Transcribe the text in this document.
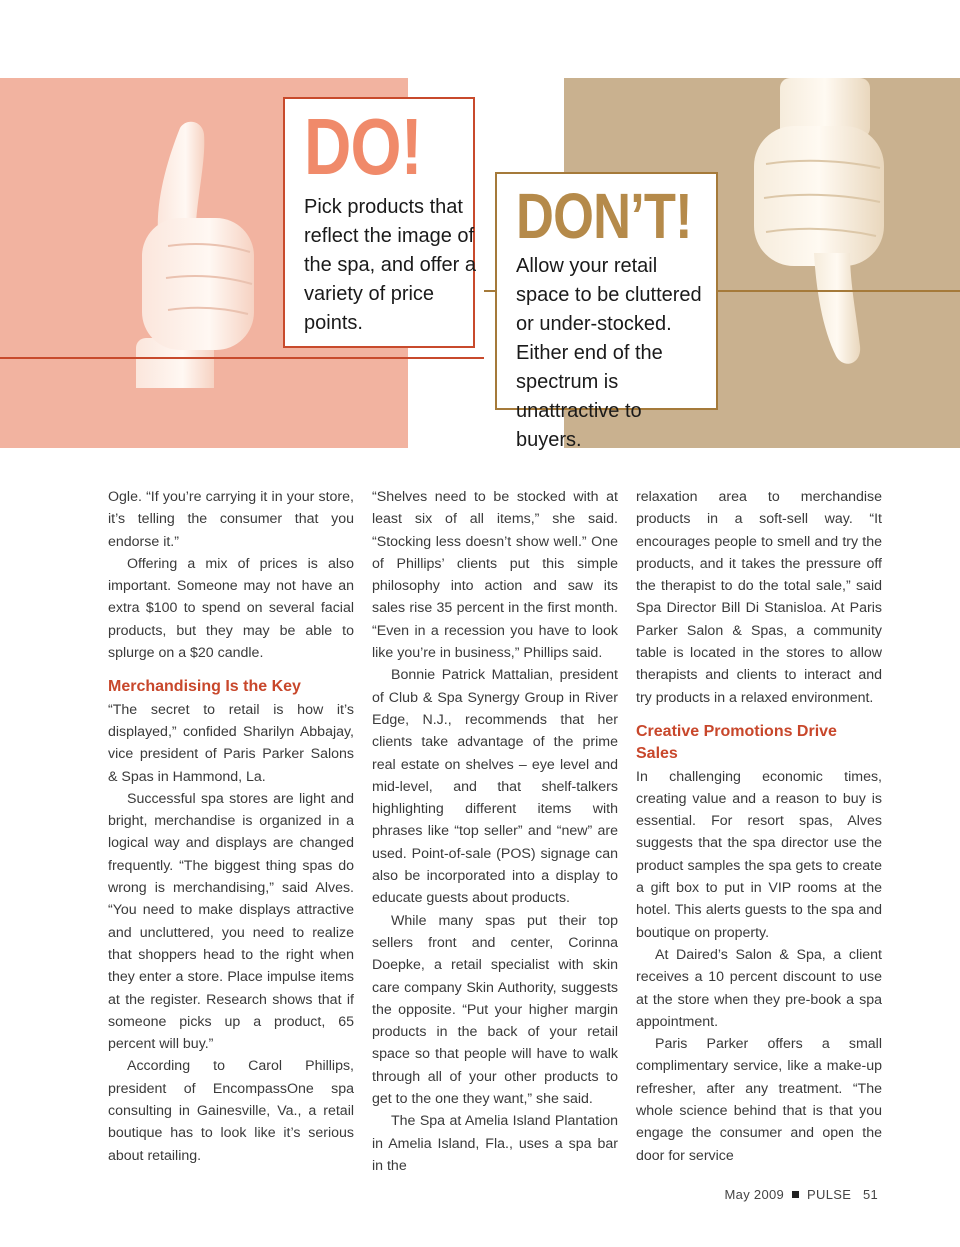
DO!

Pick products that reflect the image of the spa, and offer a variety of price points.

DON’T!

Allow your retail space to be cluttered or under-stocked. Either end of the spectrum is unattractive to buyers.

Ogle. “If you’re carrying it in your store, it’s telling the consumer that you endorse it.”

Offering a mix of prices is also important. Someone may not have an extra $100 to spend on several facial products, but they may be able to splurge on a $20 candle.

Merchandising Is the Key

“The secret to retail is how it’s displayed,” confided Sharilyn Abbajay, vice president of Paris Parker Salons & Spas in Hammond, La.

Successful spa stores are light and bright, merchandise is organized in a logical way and displays are changed frequently. “The biggest thing spas do wrong is merchandising,” said Alves. “You need to make displays attractive and uncluttered, you need to realize that shoppers head to the right when they enter a store. Place impulse items at the register. Research shows that if someone picks up a product, 65 percent will buy.”

According to Carol Phillips, president of EncompassOne spa consulting in Gainesville, Va., a retail boutique has to look like it’s serious about retailing.

“Shelves need to be stocked with at least six of all items,” she said. “Stocking less doesn’t show well.” One of Phillips’ clients put this simple philosophy into action and saw its sales rise 35 percent in the first month. “Even in a recession you have to look like you’re in business,” Phillips said.

Bonnie Patrick Mattalian, president of Club & Spa Synergy Group in River Edge, N.J., recommends that her clients take advantage of the prime real estate on shelves – eye level and mid-level, and that shelf-talkers highlighting different items with phrases like “top seller” and “new” are used. Point-of-sale (POS) signage can also be incorporated into a display to educate guests about products.

While many spas put their top sellers front and center, Corinna Doepke, a retail specialist with skin care company Skin Authority, suggests the opposite. “Put your higher margin products in the back of your retail space so that people will have to walk through all of your other products to get to the one they want,” she said.

The Spa at Amelia Island Plantation in Amelia Island, Fla., uses a spa bar in the

relaxation area to merchandise products in a soft-sell way. “It encourages people to smell and try the products, and it takes the pressure off the therapist to do the total sale,” said Spa Director Bill Di Stanisloa. At Paris Parker Salon & Spas, a community table is located in the stores to allow therapists and clients to interact and try products in a relaxed environment.

Creative Promotions Drive Sales

In challenging economic times, creating value and a reason to buy is essential. For resort spas, Alves suggests that the spa director use the product samples the spa gets to create a gift box to put in VIP rooms at the hotel. This alerts guests to the spa and boutique on property.

At Daired’s Salon & Spa, a client receives a 10 percent discount to use at the store when they pre-book a spa appointment.

Paris Parker offers a small complimentary service, like a make-up refresher, after any treatment. “The whole science behind that is that you engage the consumer and open the door for service

May 2009 PULSE 51
